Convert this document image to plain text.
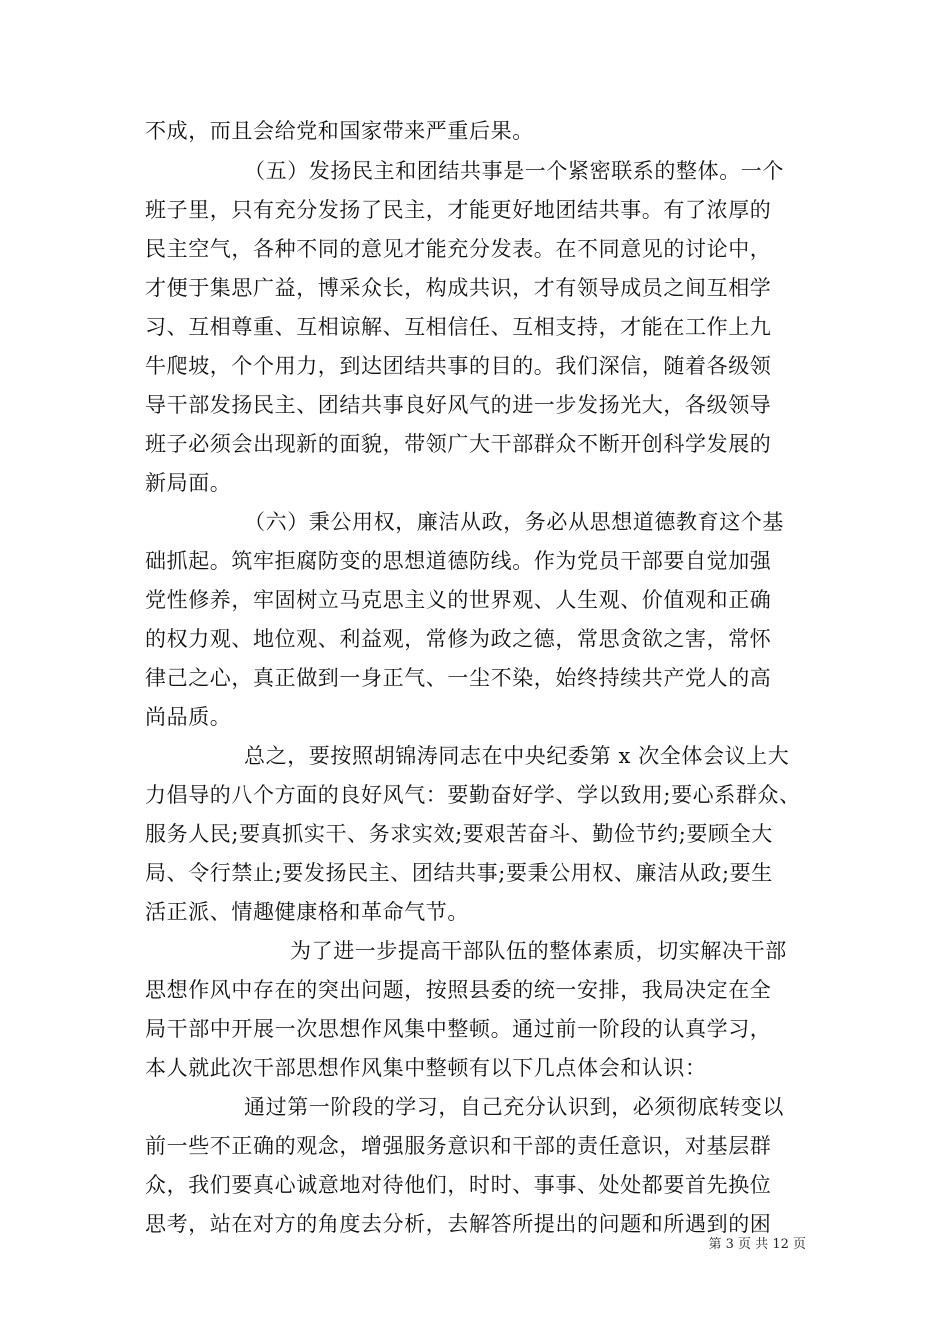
不成，而且会给党和国家带来严重后果。
（五）发扬民主和团结共事是一个紧密联系的整体。一个
班子里，只有充分发扬了民主，才能更好地团结共事。有了浓厚的
民主空气，各种不同的意见才能充分发表。在不同意见的讨论中，
才便于集思广益，博采众长，构成共识，才有领导成员之间互相学
习、互相尊重、互相谅解、互相信任、互相支持，才能在工作上九
牛爬坡，个个用力，到达团结共事的目的。我们深信，随着各级领
导干部发扬民主、团结共事良好风气的进一步发扬光大，各级领导
班子必须会出现新的面貌，带领广大干部群众不断开创科学发展的
新局面。
（六）秉公用权，廉洁从政，务必从思想道德教育这个基
础抓起。筑牢拒腐防变的思想道德防线。作为党员干部要自觉加强
党性修养，牢固树立马克思主义的世界观、人生观、价值观和正确
的权力观、地位观、利益观，常修为政之德，常思贪欲之害，常怀
律己之心，真正做到一身正气、一尘不染，始终持续共产党人的高
尚品质。
总之，要按照胡锦涛同志在中央纪委第 x 次全体会议上大
力倡导的八个方面的良好风气：要勤奋好学、学以致用;要心系群众、
服务人民;要真抓实干、务求实效;要艰苦奋斗、勤俭节约;要顾全大
局、令行禁止;要发扬民主、团结共事;要秉公用权、廉洁从政;要生
活正派、情趣健康格和革命气节。
为了进一步提高干部队伍的整体素质，切实解决干部
思想作风中存在的突出问题，按照县委的统一安排，我局决定在全
局干部中开展一次思想作风集中整顿。通过前一阶段的认真学习，
本人就此次干部思想作风集中整顿有以下几点体会和认识：
通过第一阶段的学习，自己充分认识到，必须彻底转变以
前一些不正确的观念，增强服务意识和干部的责任意识，对基层群
众，我们要真心诚意地对待他们，时时、事事、处处都要首先换位
思考，站在对方的角度去分析，去解答所提出的问题和所遇到的困
第 3 页 共 12 页
